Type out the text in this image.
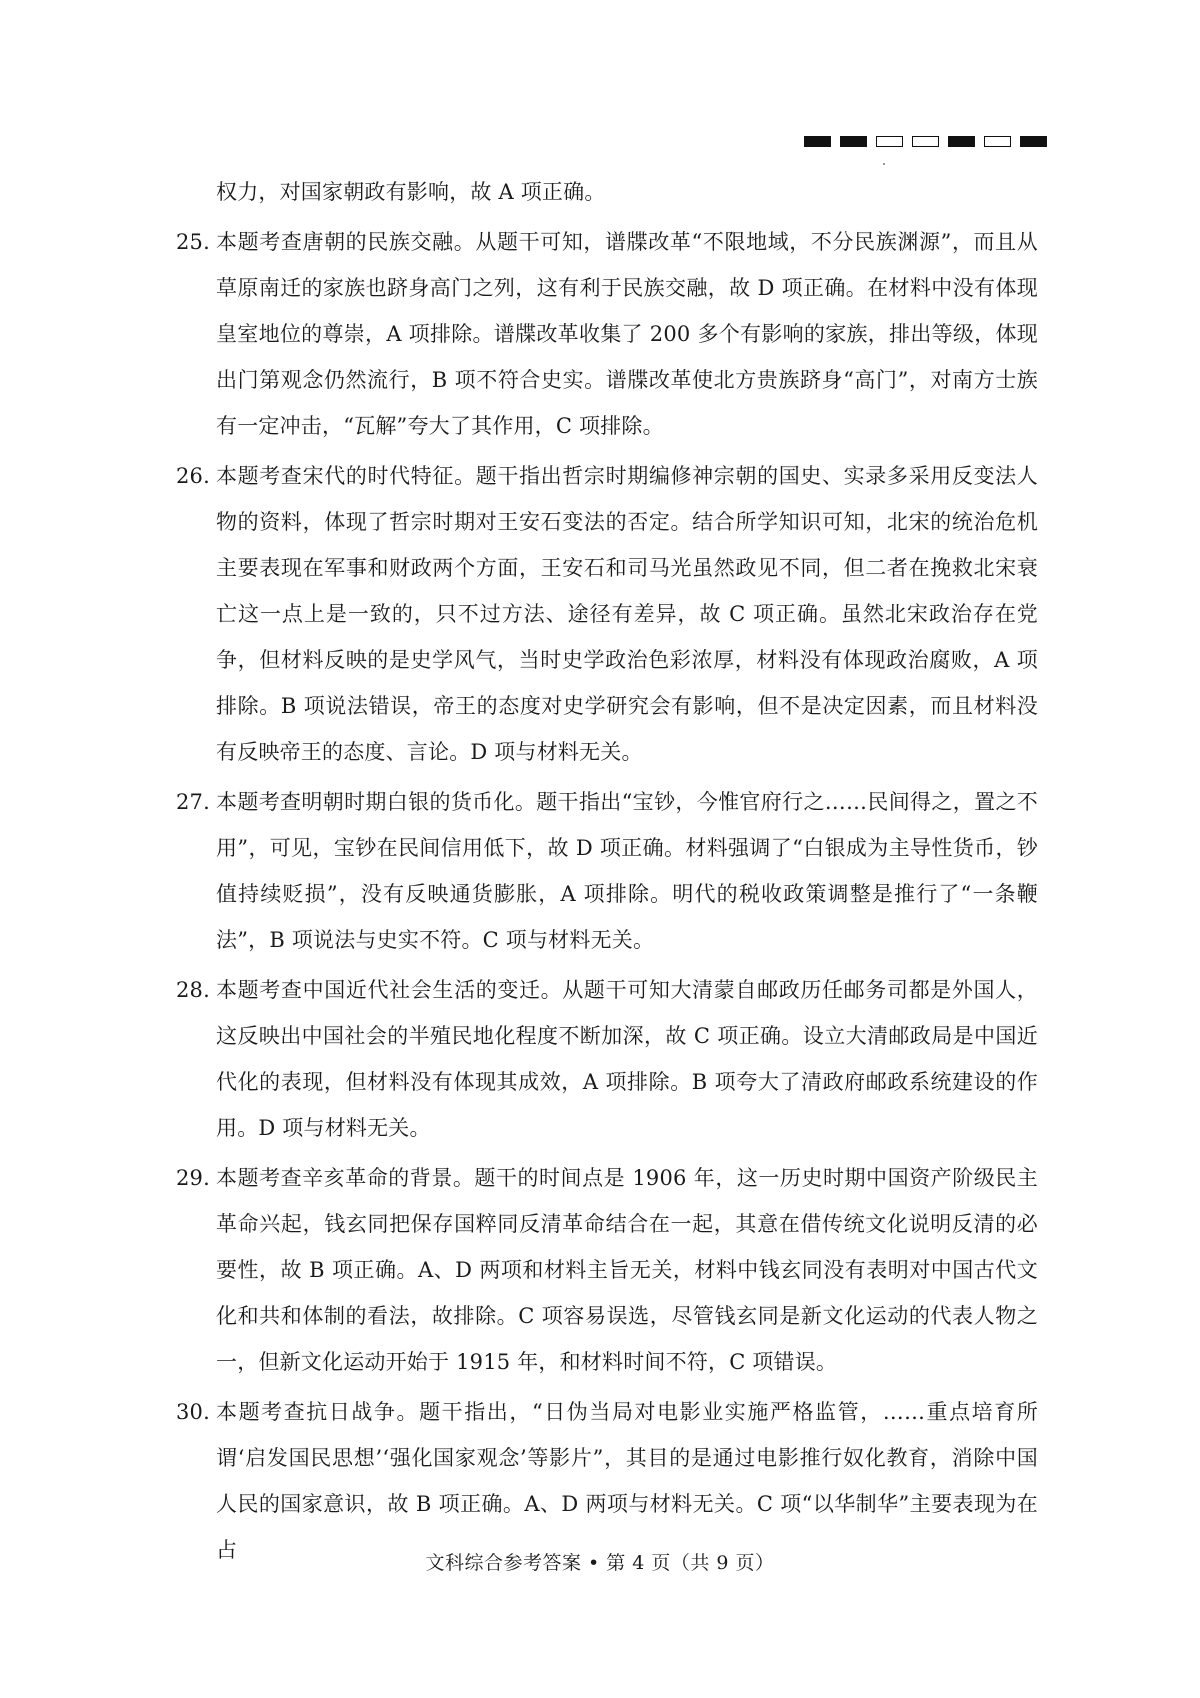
权力，对国家朝政有影响，故 A 项正确。

25. 本题考查唐朝的民族交融。从题干可知，谱牒改革“不限地域，不分民族渊源”，而且从草原南迁的家族也跻身高门之列，这有利于民族交融，故 D 项正确。在材料中没有体现皇室地位的尊崇，A 项排除。谱牒改革收集了 200 多个有影响的家族，排出等级，体现出门第观念仍然流行，B 项不符合史实。谱牒改革使北方贵族跻身“高门”，对南方士族有一定冲击，“瓦解”夸大了其作用，C 项排除。

26. 本题考查宋代的时代特征。题干指出哲宗时期编修神宗朝的国史、实录多采用反变法人物的资料，体现了哲宗时期对王安石变法的否定。结合所学知识可知，北宋的统治危机主要表现在军事和财政两个方面，王安石和司马光虽然政见不同，但二者在挽救北宋衰亡这一点上是一致的，只不过方法、途径有差异，故 C 项正确。虽然北宋政治存在党争，但材料反映的是史学风气，当时史学政治色彩浓厚，材料没有体现政治腐败，A 项排除。B 项说法错误，帝王的态度对史学研究会有影响，但不是决定因素，而且材料没有反映帝王的态度、言论。D 项与材料无关。

27. 本题考查明朝时期白银的货币化。题干指出“宝钞，今惟官府行之……民间得之，置之不用”，可见，宝钞在民间信用低下，故 D 项正确。材料强调了“白银成为主导性货币，钞值持续贬损”，没有反映通货膨胀，A 项排除。明代的税收政策调整是推行了“一条鞭法”，B 项说法与史实不符。C 项与材料无关。

28. 本题考查中国近代社会生活的变迁。从题干可知大清蒙自邮政历任邮务司都是外国人，这反映出中国社会的半殖民地化程度不断加深，故 C 项正确。设立大清邮政局是中国近代化的表现，但材料没有体现其成效，A 项排除。B 项夸大了清政府邮政系统建设的作用。D 项与材料无关。

29. 本题考查辛亥革命的背景。题干的时间点是 1906 年，这一历史时期中国资产阶级民主革命兴起，钱玄同把保存国粹同反清革命结合在一起，其意在借传统文化说明反清的必要性，故 B 项正确。A、D 两项和材料主旨无关，材料中钱玄同没有表明对中国古代文化和共和体制的看法，故排除。C 项容易误选，尽管钱玄同是新文化运动的代表人物之一，但新文化运动开始于 1915 年，和材料时间不符，C 项错误。

30. 本题考查抗日战争。题干指出，“日伪当局对电影业实施严格监管，……重点培育所谓‘启发国民思想’‘强化国家观念’等影片”，其目的是通过电影推行奴化教育，消除中国人民的国家意识，故 B 项正确。A、D 两项与材料无关。C 项“以华制华”主要表现为在占

文科综合参考答案 • 第 4 页（共 9 页）
